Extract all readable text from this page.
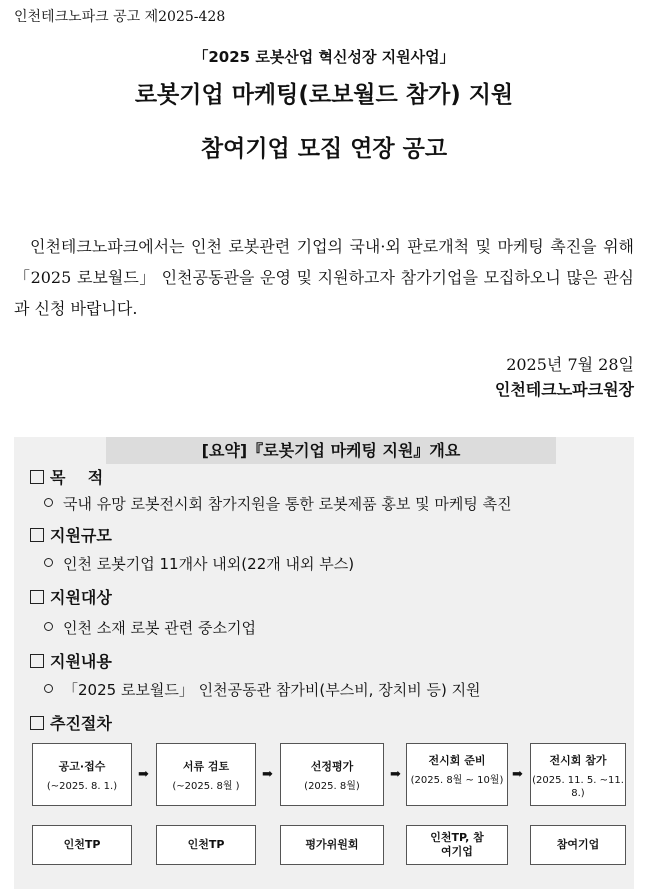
인천테크노파크 공고 제2025-428
「2025 로봇산업 혁신성장 지원사업」
로봇기업 마케팅(로보월드 참가) 지원
참여기업 모집 연장 공고
인천테크노파크에서는 인천 로봇관련 기업의 국내·외 판로개척 및 마케팅 촉진을 위해 「2025 로보월드」 인천공동관을 운영 및 지원하고자 참가기업을 모집하오니 많은 관심과 신청 바랍니다.
2025년 7월 28일
인천테크노파크원장
[요약]『로봇기업 마케팅 지원』개요
목    적
국내 유망 로봇전시회 참가지원을 통한 로봇제품 홍보 및 마케팅 촉진
지원규모
인천 로봇기업 11개사 내외(22개 내외 부스)
지원대상
인천 소재 로봇 관련 중소기업
지원내용
「2025 로보월드」 인천공동관 참가비(부스비, 장치비 등) 지원
추진절차
공고·접수
(~2025. 8. 1.)
➡
서류 검토
(~2025. 8월 )
➡
선정평가
(2025. 8월)
➡
전시회 준비
(2025. 8월 ~ 10월) ➡
전시회 참가
(2025. 11. 5. ~11. 8.)
인천TP	인천TP	평가위원회
인천TP, 참여기업
참여기업
